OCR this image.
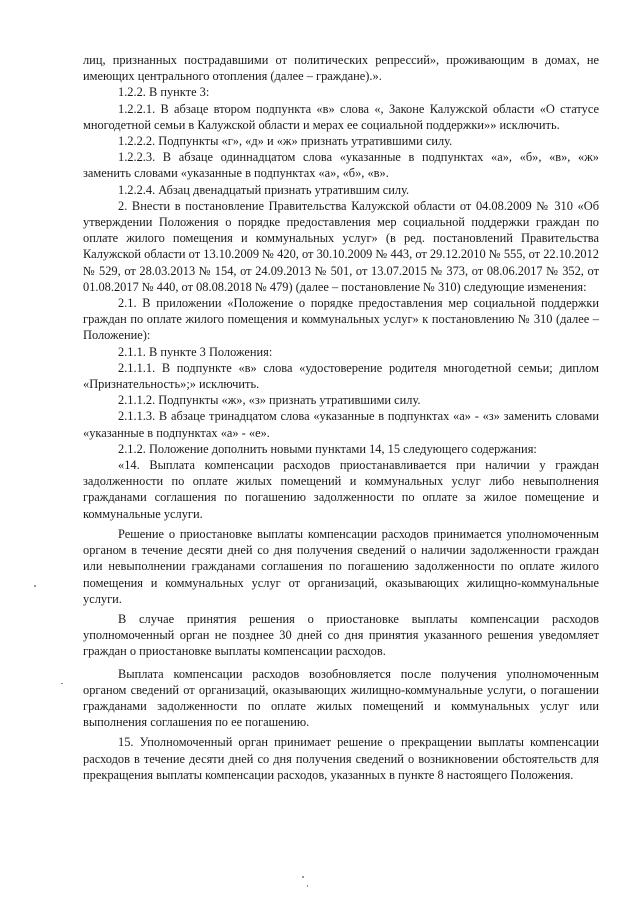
лиц, признанных пострадавшими от политических репрессий», проживающим в домах, не имеющих центрального отопления (далее – граждане).».

1.2.2. В пункте 3:

1.2.2.1. В абзаце втором подпункта «в» слова «, Законе Калужской области «О статусе многодетной семьи в Калужской области и мерах ее социальной поддержки»» исключить.

1.2.2.2. Подпункты «г», «д» и «ж» признать утратившими силу.

1.2.2.3. В абзаце одиннадцатом слова «указанные в подпунктах «а», «б», «в», «ж» заменить словами «указанные в подпунктах «а», «б», «в».

1.2.2.4. Абзац двенадцатый признать утратившим силу.

2. Внести в постановление Правительства Калужской области от 04.08.2009 № 310 «Об утверждении Положения о порядке предоставления мер социальной поддержки граждан по оплате жилого помещения и коммунальных услуг» (в ред. постановлений Правительства Калужской области от 13.10.2009 № 420, от 30.10.2009 № 443, от 29.12.2010 № 555, от 22.10.2012 № 529, от 28.03.2013 № 154, от 24.09.2013 № 501, от 13.07.2015 № 373, от 08.06.2017 № 352, от 01.08.2017 № 440, от 08.08.2018 № 479) (далее – постановление № 310) следующие изменения:

2.1. В приложении «Положение о порядке предоставления мер социальной поддержки граждан по оплате жилого помещения и коммунальных услуг» к постановлению № 310 (далее – Положение):

2.1.1. В пункте 3 Положения:

2.1.1.1. В подпункте «в» слова «удостоверение родителя многодетной семьи; диплом «Признательность»;» исключить.

2.1.1.2. Подпункты «ж», «з» признать утратившими силу.

2.1.1.3. В абзаце тринадцатом слова «указанные в подпунктах «а» - «з» заменить словами «указанные в подпунктах «а» - «е».

2.1.2. Положение дополнить новыми пунктами 14, 15 следующего содержания:

«14. Выплата компенсации расходов приостанавливается при наличии у граждан задолженности по оплате жилых помещений и коммунальных услуг либо невыполнения гражданами соглашения по погашению задолженности по оплате за жилое помещение и коммунальные услуги.

Решение о приостановке выплаты компенсации расходов принимается уполномоченным органом в течение десяти дней со дня получения сведений о наличии задолженности граждан или невыполнении гражданами соглашения по погашению задолженности по оплате жилого помещения и коммунальных услуг от организаций, оказывающих жилищно-коммунальные услуги.

В случае принятия решения о приостановке выплаты компенсации расходов уполномоченный орган не позднее 30 дней со дня принятия указанного решения уведомляет граждан о приостановке выплаты компенсации расходов.

Выплата компенсации расходов возобновляется после получения уполномоченным органом сведений от организаций, оказывающих жилищно-коммунальные услуги, о погашении гражданами задолженности по оплате жилых помещений и коммунальных услуг или выполнения соглашения по ее погашению.

15. Уполномоченный орган принимает решение о прекращении выплаты компенсации расходов в течение десяти дней со дня получения сведений о возникновении обстоятельств для прекращения выплаты компенсации расходов, указанных в пункте 8 настоящего Положения.
